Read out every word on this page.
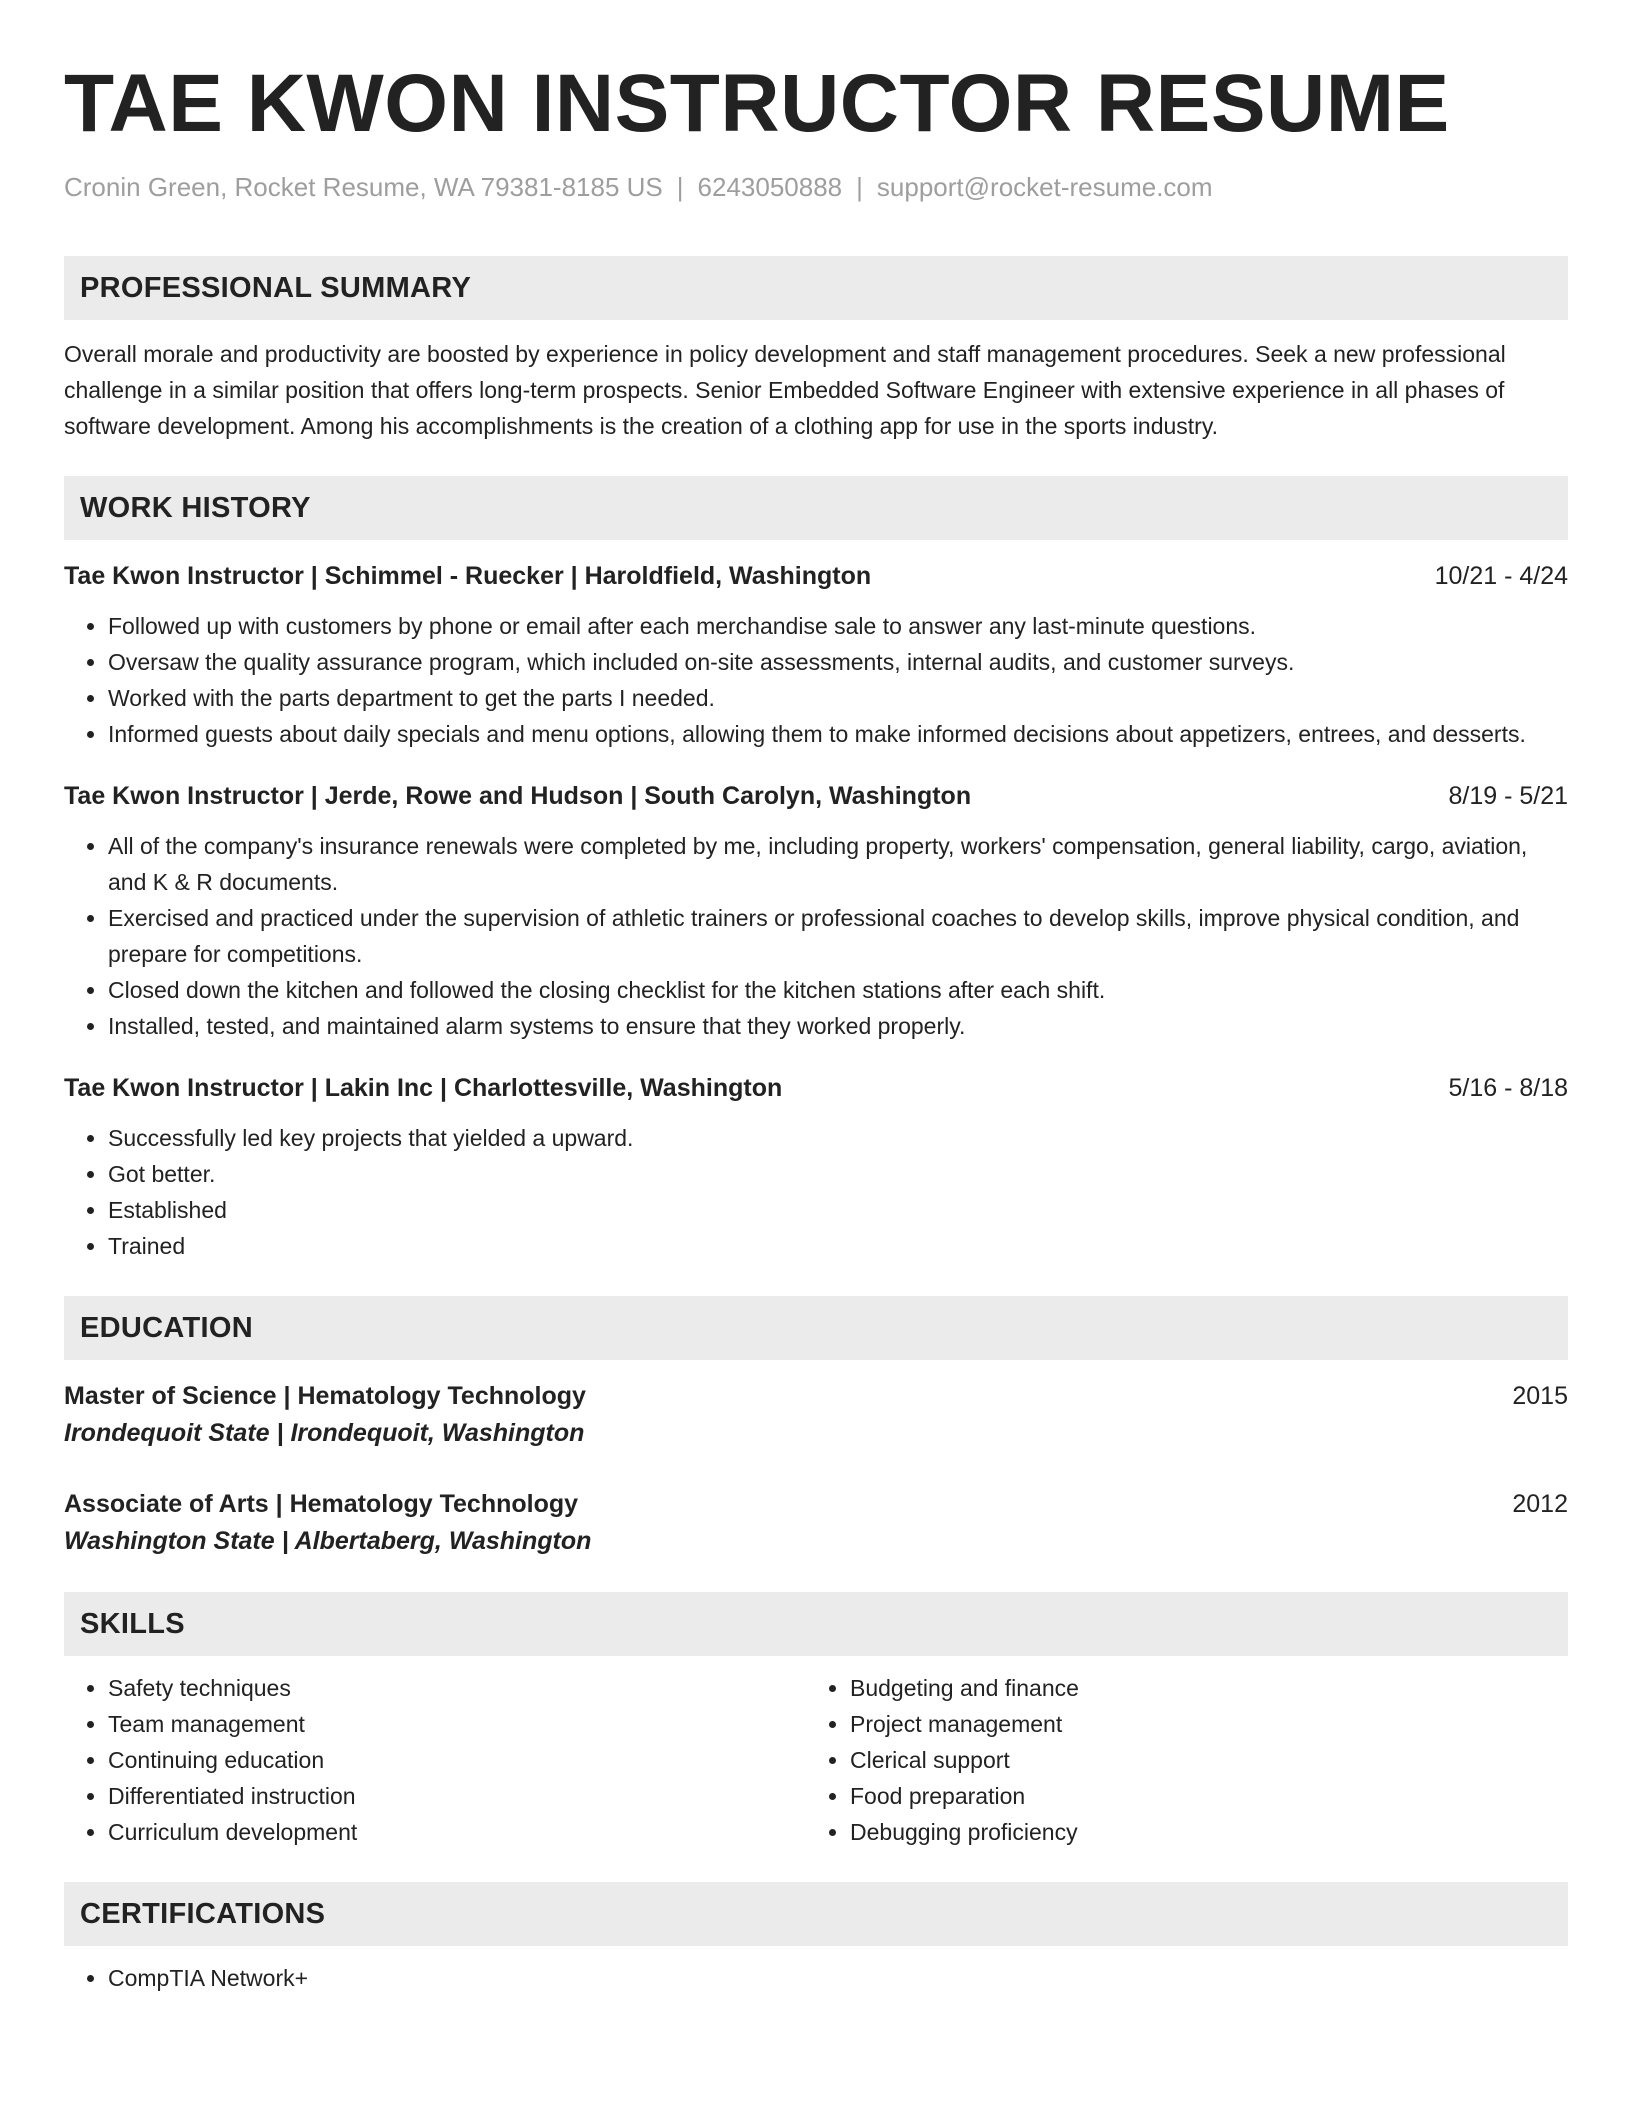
TAE KWON INSTRUCTOR RESUME
Cronin Green, Rocket Resume, WA 79381-8185 US | 6243050888 | support@rocket-resume.com
PROFESSIONAL SUMMARY

Overall morale and productivity are boosted by experience in policy development and staff management procedures. Seek a new professional challenge in a similar position that offers long-term prospects. Senior Embedded Software Engineer with extensive experience in all phases of software development. Among his accomplishments is the creation of a clothing app for use in the sports industry.

WORK HISTORY
Tae Kwon Instructor | Schimmel - Ruecker | Haroldfield, Washington	10/21 - 4/24
• Followed up with customers by phone or email after each merchandise sale to answer any last-minute questions.
• Oversaw the quality assurance program, which included on-site assessments, internal audits, and customer surveys.
• Worked with the parts department to get the parts I needed.
• Informed guests about daily specials and menu options, allowing them to make informed decisions about appetizers, entrees, and desserts.
Tae Kwon Instructor | Jerde, Rowe and Hudson | South Carolyn, Washington	8/19 - 5/21
• All of the company's insurance renewals were completed by me, including property, workers' compensation, general liability, cargo, aviation, and K & R documents.
• Exercised and practiced under the supervision of athletic trainers or professional coaches to develop skills, improve physical condition, and prepare for competitions.
• Closed down the kitchen and followed the closing checklist for the kitchen stations after each shift.
• Installed, tested, and maintained alarm systems to ensure that they worked properly.
Tae Kwon Instructor | Lakin Inc | Charlottesville, Washington	5/16 - 8/18
• Successfully led key projects that yielded a upward.
• Got better.
• Established
• Trained
EDUCATION
Master of Science | Hematology Technology	2015
Irondequoit State | Irondequoit, Washington
Associate of Arts | Hematology Technology	2012
Washington State | Albertaberg, Washington
SKILLS
• Safety techniques
• Team management
• Continuing education
• Differentiated instruction
• Curriculum development
• Budgeting and finance
• Project management
• Clerical support
• Food preparation
• Debugging proficiency
CERTIFICATIONS
• CompTIA Network+
